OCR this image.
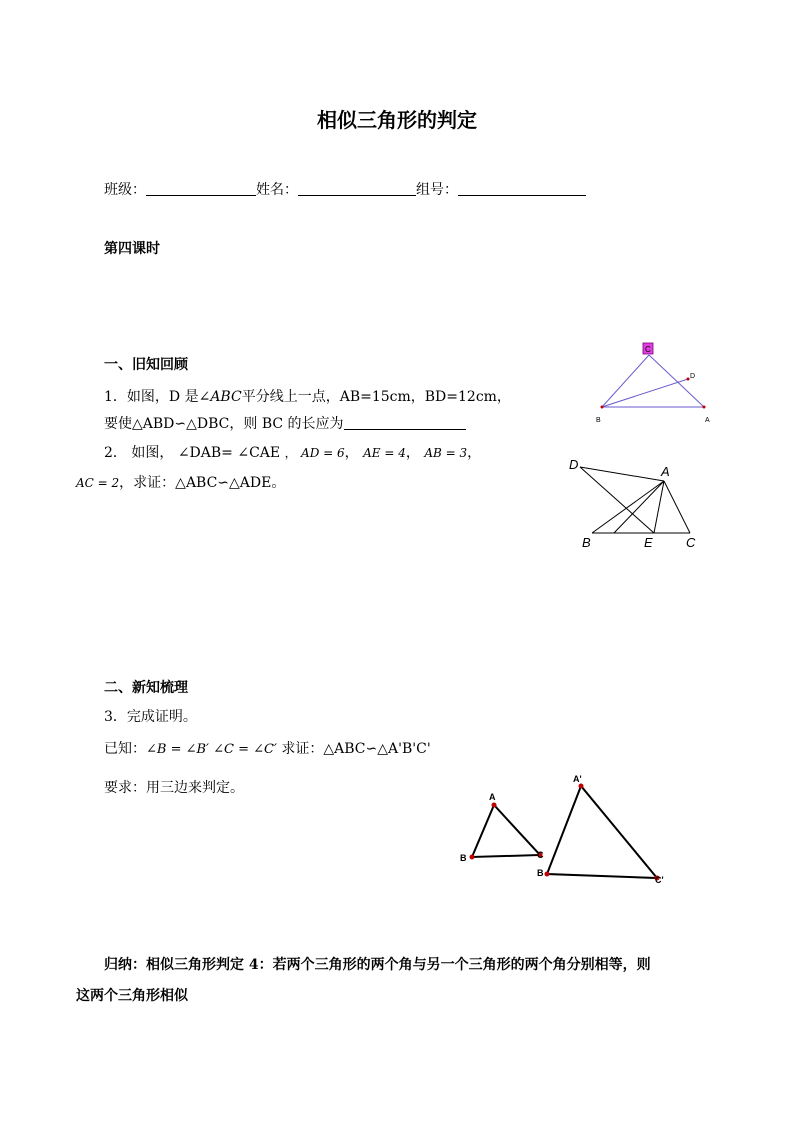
相似三角形的判定
班级：	姓名：	组号：
第四课时
一、旧知回顾
1．如图，D 是∠ABC平分线上一点，AB=15cm，BD=12cm，
要使△ABD∽△DBC，则 BC 的长应为
2． 如图， ∠DAB= ∠CAE ， AD = 6， AE = 4， AB = 3，
AC = 2，求证：△ABC∽△ADE。
C
D
B	A
D	A
B	E	C
二、新知梳理
3．完成证明。
已知：∠B = ∠B′ ∠C = ∠C′ 求证：△ABC∽△A'B'C'
要求：用三边来判定。
A
B	C
A'
B
C'
归纳：相似三角形判定 4：若两个三角形的两个角与另一个三角形的两个角分别相等，则
这两个三角形相似
